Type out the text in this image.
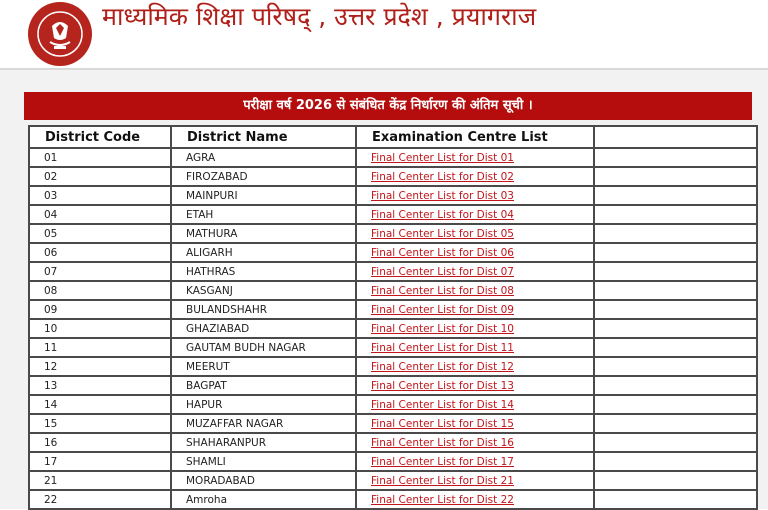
माध्यमिक शिक्षा परिषद् , उत्तर प्रदेश , प्रयागराज
परीक्षा वर्ष 2026 से संबंधित केंद्र निर्धारण की अंतिम सूची ।
District Code	District Name	Examination Centre List	
01	AGRA	Final Center List for Dist 01	
02	FIROZABAD	Final Center List for Dist 02	
03	MAINPURI	Final Center List for Dist 03	
04	ETAH	Final Center List for Dist 04	
05	MATHURA	Final Center List for Dist 05	
06	ALIGARH	Final Center List for Dist 06	
07	HATHRAS	Final Center List for Dist 07	
08	KASGANJ	Final Center List for Dist 08	
09	BULANDSHAHR	Final Center List for Dist 09	
10	GHAZIABAD	Final Center List for Dist 10	
11	GAUTAM BUDH NAGAR	Final Center List for Dist 11	
12	MEERUT	Final Center List for Dist 12	
13	BAGPAT	Final Center List for Dist 13	
14	HAPUR	Final Center List for Dist 14	
15	MUZAFFAR NAGAR	Final Center List for Dist 15	
16	SHAHARANPUR	Final Center List for Dist 16	
17	SHAMLI	Final Center List for Dist 17	
21	MORADABAD	Final Center List for Dist 21	
22	Amroha	Final Center List for Dist 22	
